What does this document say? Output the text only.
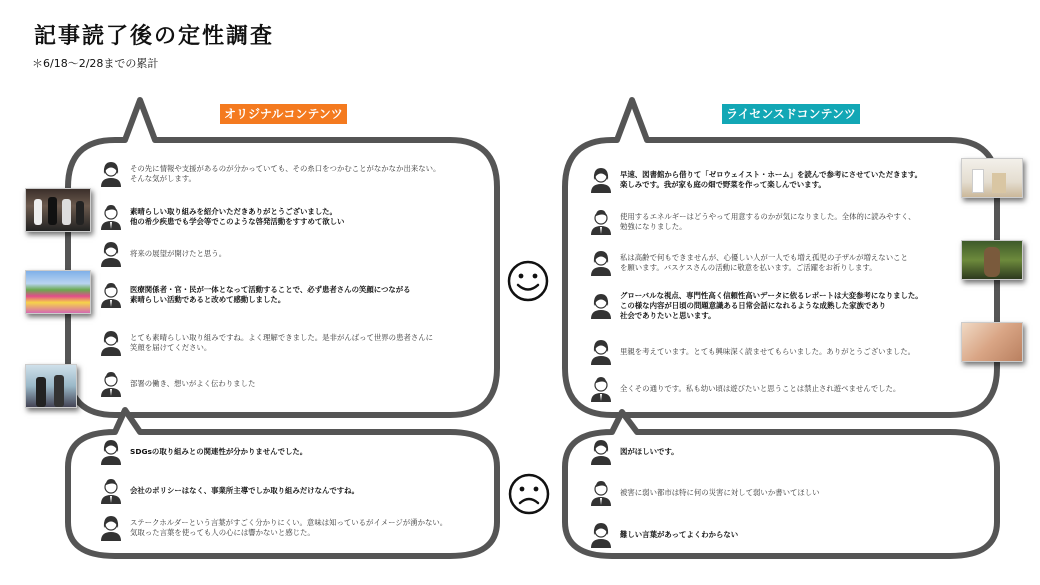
記事読了後の定性調査
＊6/18〜2/28までの累計
オリジナルコンテンツ	ライセンスドコンテンツ
その先に情報や支援があるのが分かっていても、その糸口をつかむことがなかなか出来ない。
そんな気がします。
素晴らしい取り組みを紹介いただきありがとうございました。
他の希少疾患でも学会等でこのような啓発活動をすすめて欲しい
将来の展望が開けたと思う。
医療関係者・官・民が一体となって活動することで、必ず患者さんの笑顔につながる
素晴らしい活動であると改めて感動しました。
とても素晴らしい取り組みですね。よく理解できました。是非がんばって世界の患者さんに
笑顔を届けてください。
部署の働き、想いがよく伝わりました
SDGsの取り組みとの関連性が分かりませんでした。
会社のポリシーはなく、事業所主導でしか取り組みだけなんですね。
ステークホルダーという言葉がすごく分かりにくい。意味は知っているがイメージが湧かない。
気取った言葉を使っても人の心には響かないと感じた。
早速、図書館から借りて「ゼロウェイスト・ホーム」を読んで参考にさせていただきます。
楽しみです。我が家も庭の畑で野菜を作って楽しんでいます。
使用するエネルギーはどうやって用意するのかが気になりました。全体的に読みやすく、
勉強になりました。
私は高齢で何もできませんが、心優しい人が一人でも増え孤児の子ザルが増えないこと
を願います。バスケスさんの活動に敬意を払います。ご活躍をお祈りします。
グローバルな視点、専門性高く信頼性高いデータに依るレポートは大変参考になりました。
この様な内容が日頃の問題意識ある日常会話になれるような成熟した家族であり
社会でありたいと思います。
里親を考えています。とても興味深く読ませてもらいました。ありがとうございました。
全くその通りです。私も幼い頃は遊びたいと思うことは禁止され遊べませんでした。
図がほしいです。
被害に弱い都市は特に何の災害に対して弱いか書いてほしい
難しい言葉があってよくわからない
